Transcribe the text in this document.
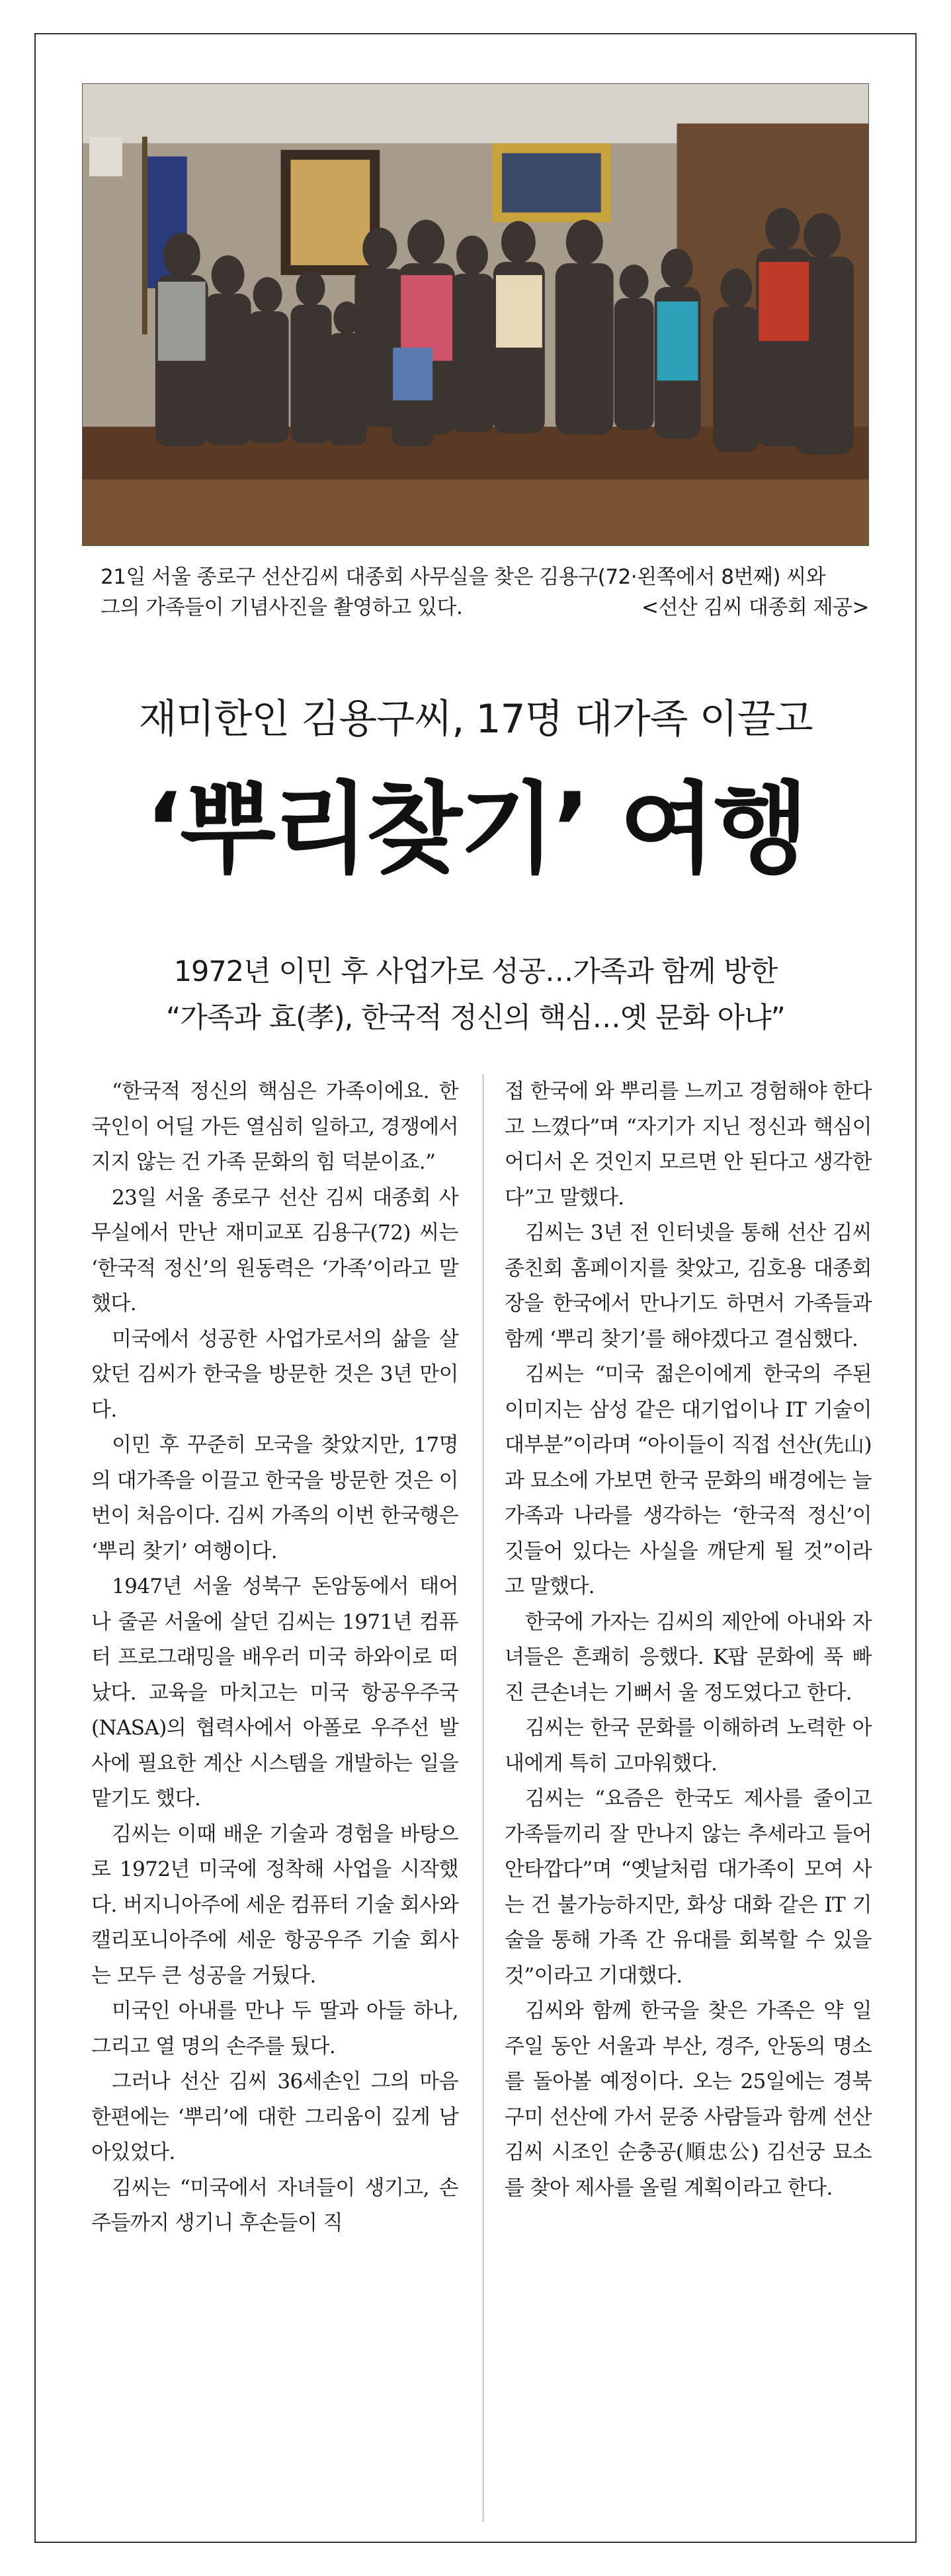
21일 서울 종로구 선산김씨 대종회 사무실을 찾은 김용구(72·왼쪽에서 8번째) 씨와
그의 가족들이 기념사진을 촬영하고 있다.	<선산 김씨 대종회 제공>
재미한인 김용구씨, 17명 대가족 이끌고
‘뿌리찾기’ 여행
1972년 이민 후 사업가로 성공…가족과 함께 방한
“가족과 효(孝), 한국적 정신의 핵심…옛 문화 아냐”

“한국적 정신의 핵심은 가족이에요. 한국인이 어딜 가든 열심히 일하고, 경쟁에서 지지 않는 건 가족 문화의 힘 덕분이죠.”

23일 서울 종로구 선산 김씨 대종회 사무실에서 만난 재미교포 김용구(72) 씨는 ‘한국적 정신’의 원동력은 ‘가족’이라고 말했다.

미국에서 성공한 사업가로서의 삶을 살았던 김씨가 한국을 방문한 것은 3년 만이다.

이민 후 꾸준히 모국을 찾았지만, 17명의 대가족을 이끌고 한국을 방문한 것은 이번이 처음이다. 김씨 가족의 이번 한국행은 ‘뿌리 찾기’ 여행이다.

1947년 서울 성북구 돈암동에서 태어나 줄곧 서울에 살던 김씨는 1971년 컴퓨터 프로그래밍을 배우러 미국 하와이로 떠났다. 교육을 마치고는 미국 항공우주국(NASA)의 협력사에서 아폴로 우주선 발사에 필요한 계산 시스템을 개발하는 일을 맡기도 했다.

김씨는 이때 배운 기술과 경험을 바탕으로 1972년 미국에 정착해 사업을 시작했다. 버지니아주에 세운 컴퓨터 기술 회사와 캘리포니아주에 세운 항공우주 기술 회사는 모두 큰 성공을 거뒀다.

미국인 아내를 만나 두 딸과 아들 하나, 그리고 열 명의 손주를 뒀다.

그러나 선산 김씨 36세손인 그의 마음 한편에는 ‘뿌리’에 대한 그리움이 깊게 남아있었다.

김씨는 “미국에서 자녀들이 생기고, 손주들까지 생기니 후손들이 직

접 한국에 와 뿌리를 느끼고 경험해야 한다고 느꼈다”며 “자기가 지닌 정신과 핵심이 어디서 온 것인지 모르면 안 된다고 생각한다”고 말했다.

김씨는 3년 전 인터넷을 통해 선산 김씨 종친회 홈페이지를 찾았고, 김호용 대종회장을 한국에서 만나기도 하면서 가족들과 함께 ‘뿌리 찾기’를 해야겠다고 결심했다.

김씨는 “미국 젊은이에게 한국의 주된 이미지는 삼성 같은 대기업이나 IT 기술이 대부분”이라며 “아이들이 직접 선산(先山)과 묘소에 가보면 한국 문화의 배경에는 늘 가족과 나라를 생각하는 ‘한국적 정신’이 깃들어 있다는 사실을 깨닫게 될 것”이라고 말했다.

한국에 가자는 김씨의 제안에 아내와 자녀들은 흔쾌히 응했다. K팝 문화에 푹 빠진 큰손녀는 기뻐서 울 정도였다고 한다.

김씨는 한국 문화를 이해하려 노력한 아내에게 특히 고마워했다.

김씨는 “요즘은 한국도 제사를 줄이고 가족들끼리 잘 만나지 않는 추세라고 들어 안타깝다”며 “옛날처럼 대가족이 모여 사는 건 불가능하지만, 화상 대화 같은 IT 기술을 통해 가족 간 유대를 회복할 수 있을 것”이라고 기대했다.

김씨와 함께 한국을 찾은 가족은 약 일주일 동안 서울과 부산, 경주, 안동의 명소를 돌아볼 예정이다. 오는 25일에는 경북 구미 선산에 가서 문중 사람들과 함께 선산 김씨 시조인 순충공(順忠公) 김선궁 묘소를 찾아 제사를 올릴 계획이라고 한다.
